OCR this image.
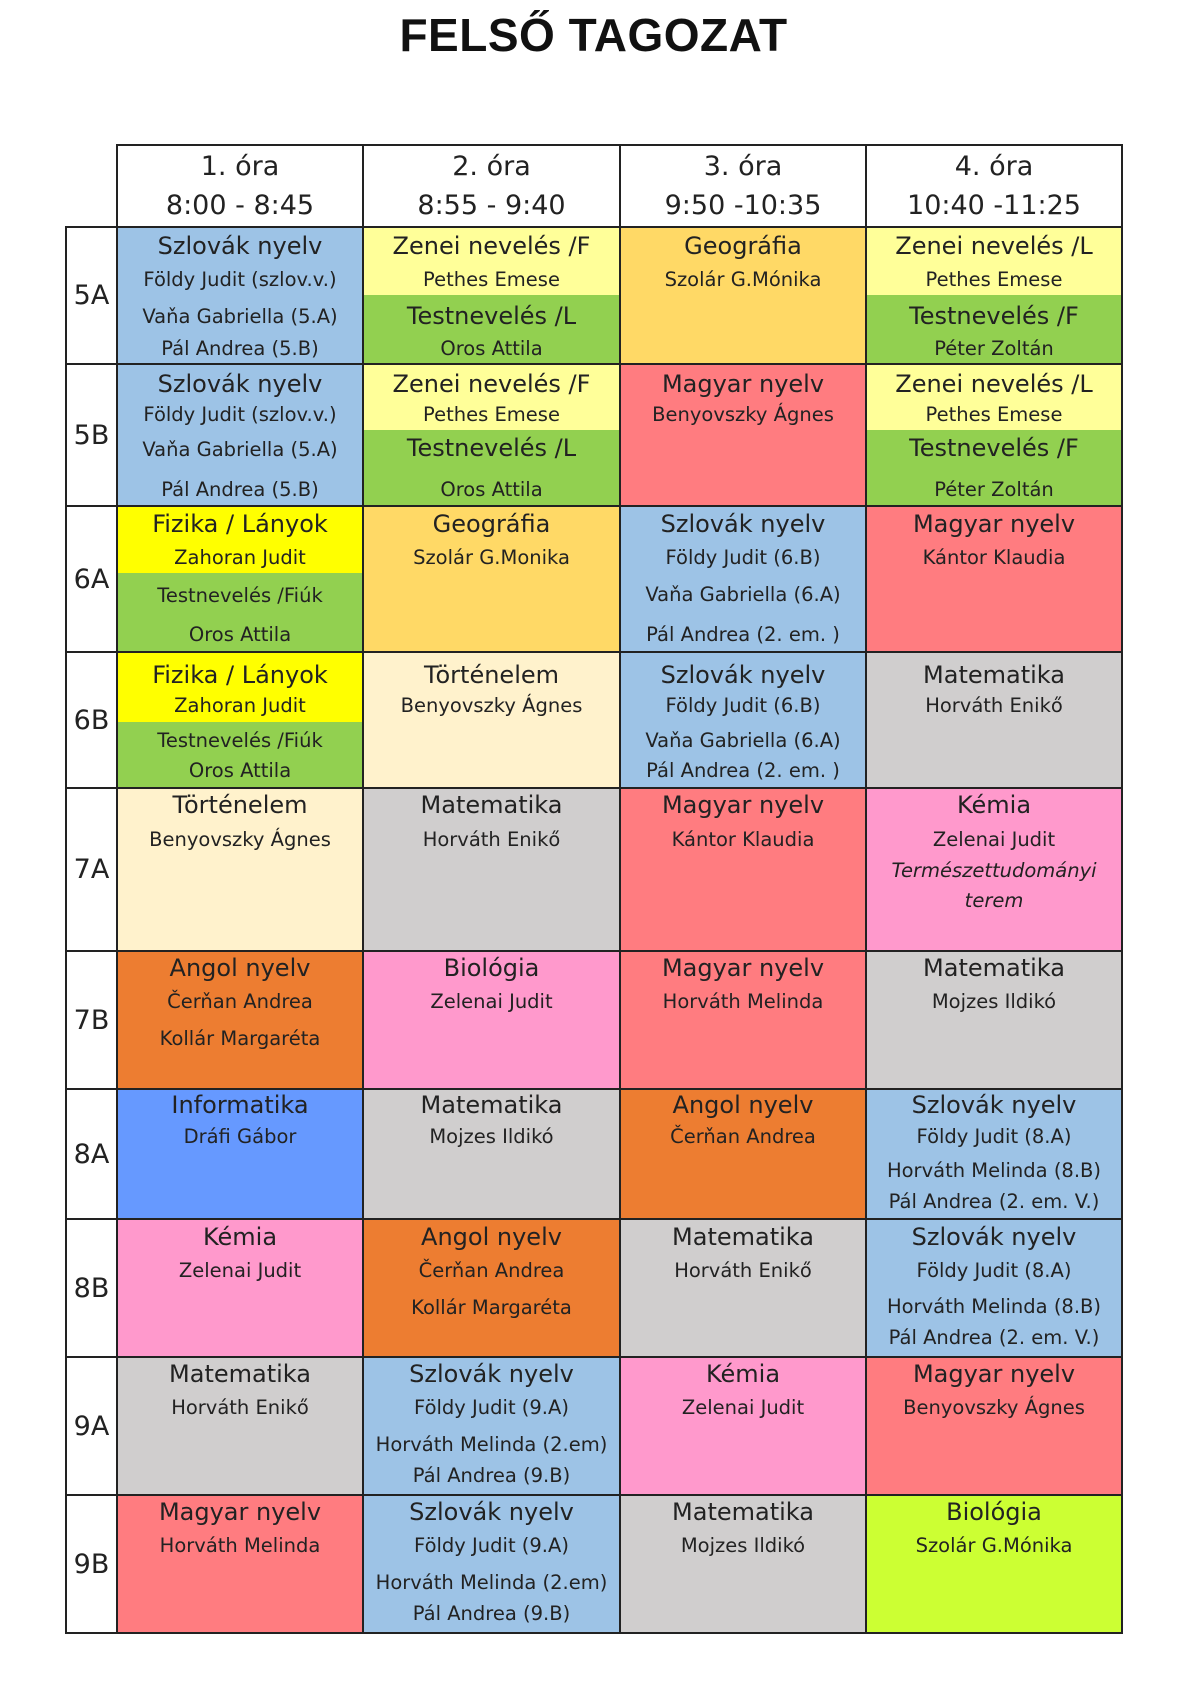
FELSŐ TAGOZAT
1. óra
8:00 - 8:45
2. óra
8:55 - 9:40
3. óra
9:50 -10:35
4. óra
10:40 -11:25
5A
Szlovák nyelv
Földy Judit (szlov.v.)
Vaňa Gabriella (5.A)
Pál Andrea (5.B)
Zenei nevelés /F
Pethes Emese
Testnevelés /L
Oros Attila
Geográfia
Szolár G.Mónika
Zenei nevelés /L
Pethes Emese
Testnevelés /F
Péter Zoltán
5B
Szlovák nyelv
Földy Judit (szlov.v.)
Vaňa Gabriella (5.A)
Pál Andrea (5.B)
Zenei nevelés /F
Pethes Emese
Testnevelés /L
Oros Attila
Magyar nyelv
Benyovszky Ágnes
Zenei nevelés /L
Pethes Emese
Testnevelés /F
Péter Zoltán
6A
Fizika / Lányok
Zahoran Judit
Testnevelés /Fiúk
Oros Attila
Geográfia
Szolár G.Monika
Szlovák nyelv
Földy Judit (6.B)
Vaňa Gabriella (6.A)
Pál Andrea (2. em. )
Magyar nyelv
Kántor Klaudia
6B
Fizika / Lányok
Zahoran Judit
Testnevelés /Fiúk
Oros Attila
Történelem
Benyovszky Ágnes
Szlovák nyelv
Földy Judit (6.B)
Vaňa Gabriella (6.A)
Pál Andrea (2. em. )
Matematika
Horváth Enikő
7A
Történelem
Benyovszky Ágnes
Matematika
Horváth Enikő
Magyar nyelv
Kántor Klaudia
Kémia
Zelenai Judit
Természettudományi
terem
7B
Angol nyelv
Čerňan Andrea
Kollár Margaréta
Biológia
Zelenai Judit
Magyar nyelv
Horváth Melinda
Matematika
Mojzes Ildikó
8A
Informatika
Dráfi Gábor
Matematika
Mojzes Ildikó
Angol nyelv
Čerňan Andrea
Szlovák nyelv
Földy Judit (8.A)
Horváth Melinda (8.B)
Pál Andrea (2. em. V.)
8B
Kémia
Zelenai Judit
Angol nyelv
Čerňan Andrea
Kollár Margaréta
Matematika
Horváth Enikő
Szlovák nyelv
Földy Judit (8.A)
Horváth Melinda (8.B)
Pál Andrea (2. em. V.)
9A
Matematika
Horváth Enikő
Szlovák nyelv
Földy Judit (9.A)
Horváth Melinda (2.em)
Pál Andrea (9.B)
Kémia
Zelenai Judit
Magyar nyelv
Benyovszky Ágnes
9B
Magyar nyelv
Horváth Melinda
Szlovák nyelv
Földy Judit (9.A)
Horváth Melinda (2.em)
Pál Andrea (9.B)
Matematika
Mojzes Ildikó
Biológia
Szolár G.Mónika
